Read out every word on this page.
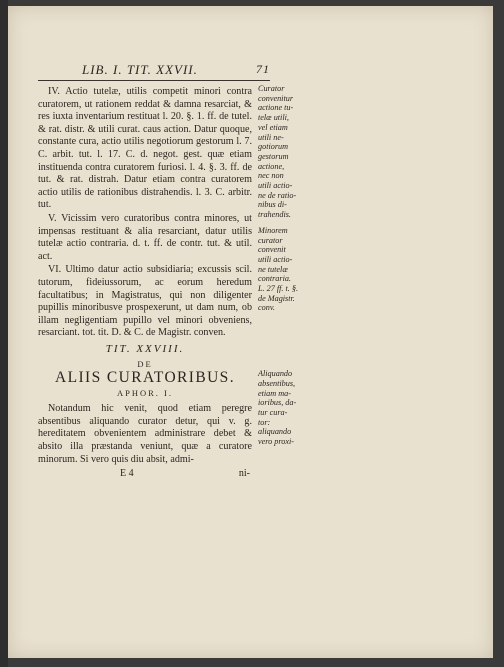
LIB. I. TIT. XXVII.	71

IV. Actio tutelæ, utilis competit minori contra curatorem, ut rationem reddat & damna resarciat, & res iuxta inventarium restituat l. 20. §. 1. ff. de tutel. & rat. distr. & utili curat. caus action. Datur quoque, constante cura, actio utilis negotiorum gestorum l. 7. C. arbit. tut. l. 17. C. d. negot. gest. quæ etiam instituenda contra curatorem furiosi. l. 4. §. 3. ff. de tut. & rat. distrah. Datur etiam contra curatorem actio utilis de rationibus distrahendis. l. 3. C. arbitr. tut.

V. Vicissim vero curatoribus contra minores, ut impensas restituant & alia resarciant, datur utilis tutelæ actio contraria. d. t. ff. de contr. tut. & util. act.

VI. Ultimo datur actio subsidiaria; excussis scil. tutorum, fideiussorum, ac eorum heredum facultatibus; in Magistratus, qui non diligenter pupillis minoribusve prospexerunt, ut dam num, ob illam negligentiam pupillo vel minori obveniens, resarciant. tot. tit. D. & C. de Magistr. conven.

TIT. XXVIII.
DE
ALIIS CURATORIBUS.
APHOR. I.

Notandum hic venit, quod etiam peregre absentibus aliquando curator detur, qui v. g. hereditatem obvenientem administrare debet & absito illa præstanda veniunt, quæ a curatore minorum. Si vero quis diu absit, admi-

E 4	ni-
Curator
convenitur
actione tu-
telæ utili,
vel etiam
utili ne-
gotiorum
gestorum
actione,
nec non
utili actio-
ne de ratio-
nibus di-
trahendis.
Minorem
curator
convenit
utili actio-
ne tutelæ
contraria.
L. 27 ff. t. §.
de Magistr.
conv.
Aliquando
absentibus,
etiam ma-
ioribus, da-
tur cura-
tor:
aliquando
vero proxi-
